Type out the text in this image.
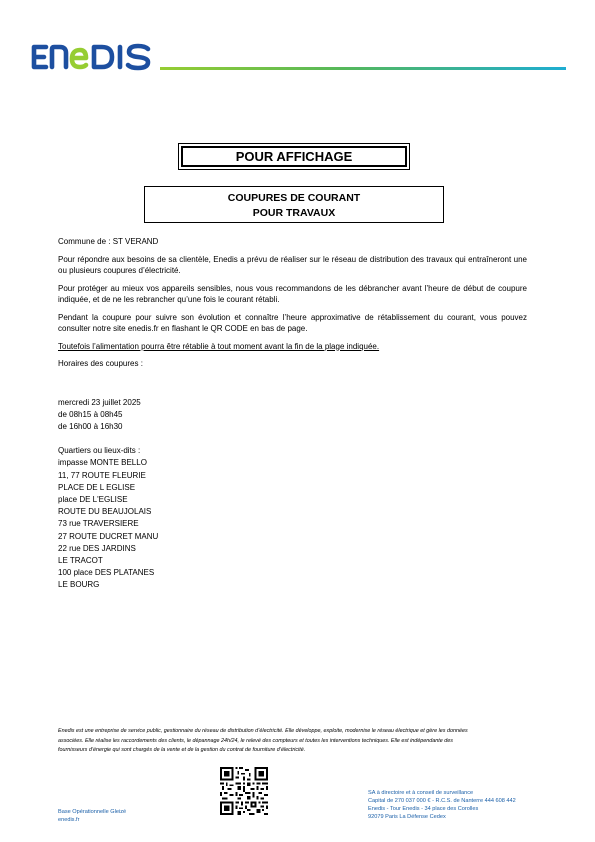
POUR AFFICHAGE
COUPURES DE COURANT
POUR TRAVAUX

Commune de : ST VERAND

Pour répondre aux besoins de sa clientèle, Enedis a prévu de réaliser sur le réseau de distribution des travaux qui entraîneront une ou plusieurs coupures d’électricité.

Pour protéger au mieux vos appareils sensibles, nous vous recommandons de les débrancher avant l’heure de début de coupure indiquée, et de ne les rebrancher qu’une fois le courant rétabli.

Pendant la coupure pour suivre son évolution et connaître l’heure approximative de rétablissement du courant, vous pouvez consulter notre site enedis.fr en flashant le QR CODE en bas de page.

Toutefois l’alimentation pourra être rétablie à tout moment avant la fin de la plage indiquée.

Horaires des coupures :

mercredi 23 juillet 2025
de 08h15 à 08h45
de 16h00 à 16h30
Quartiers ou lieux-dits :
impasse MONTE BELLO
11, 77 ROUTE FLEURIE
PLACE DE L EGLISE
place DE L'EGLISE
ROUTE DU BEAUJOLAIS
73 rue TRAVERSIERE
27 ROUTE DUCRET MANU
22 rue DES JARDINS
LE TRACOT
100 place DES PLATANES
LE BOURG
Enedis est une entreprise de service public, gestionnaire du réseau de distribution d’électricité. Elle développe, exploite, modernise le réseau électrique et gère les données
associées. Elle réalise les raccordements des clients, le dépannage 24h/24, le relevé des compteurs et toutes les interventions techniques. Elle est indépendante des
fournisseurs d’énergie qui sont chargés de la vente et de la gestion du contrat de fourniture d’électricité.
Base Opérationnelle Gleizé
enedis.fr
SA à directoire et à conseil de surveillance
Capital de 270 037 000 € - R.C.S. de Nanterre 444 608 442
Enedis - Tour Enedis - 34 place des Corolles
92079 Paris La Défense Cedex
